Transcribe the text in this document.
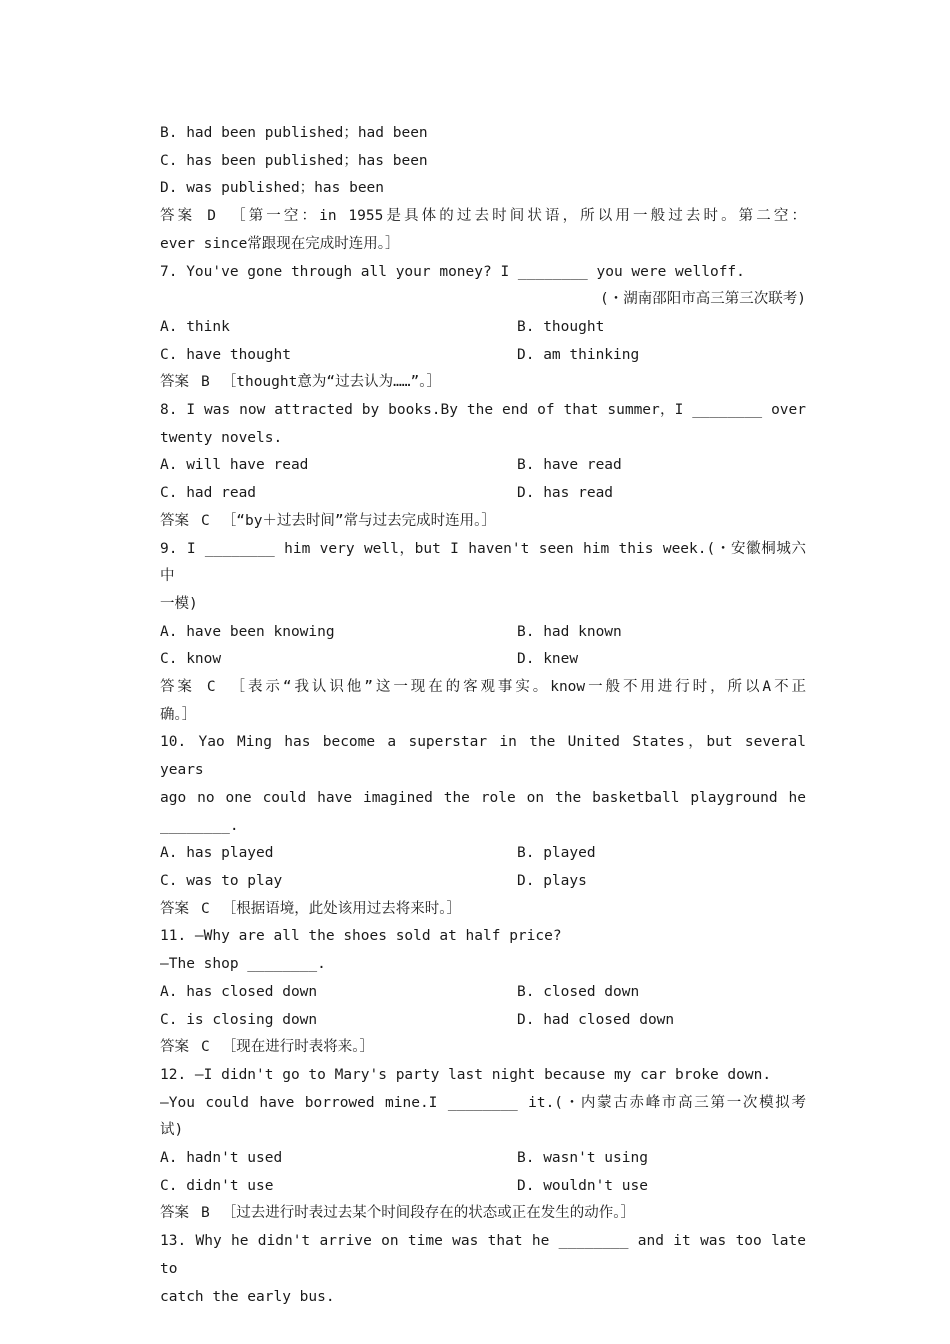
B. had been published；had been
C. has been published；has been
D. was published；has been
答案 D ［第一空：in 1955是具体的过去时间状语，所以用一般过去时。第二空：
ever since常跟现在完成时连用。］
7. You've gone through all your money? I ________ you were welloff.
(・湖南邵阳市高三第三次联考)
A. think	B. thought
C. have thought	D. am thinking
答案 B ［thought意为“过去认为……”。］
8. I was now attracted by books.By the end of that summer，I ________ over
twenty novels.
A. will have read	B. have read
C. had read	D. has read
答案 C ［“by＋过去时间”常与过去完成时连用。］
9. I ________ him very well，but I haven't seen him this week.(・安徽桐城六中
一模)
A. have been knowing	B. had known
C. know	D. knew
答案 C ［表示“我认识他”这一现在的客观事实。know一般不用进行时，所以A不正
确。］
10. Yao Ming has become a superstar in the United States，but several years
ago no one could have imagined the role on the basketball playground he
________.
A. has played	B. played
C. was to play	D. plays
答案 C ［根据语境，此处该用过去将来时。］
11. —Why are all the shoes sold at half price?
—The shop ________.
A. has closed down	B. closed down
C. is closing down	D. had closed down
答案 C ［现在进行时表将来。］
12. —I didn't go to Mary's party last night because my car broke down.
—You could have borrowed mine.I ________ it.(・内蒙古赤峰市高三第一次模拟考
试)
A. hadn't used	B. wasn't using
C. didn't use	D. wouldn't use
答案 B ［过去进行时表过去某个时间段存在的状态或正在发生的动作。］
13. Why he didn't arrive on time was that he ________ and it was too late to
catch the early bus.
